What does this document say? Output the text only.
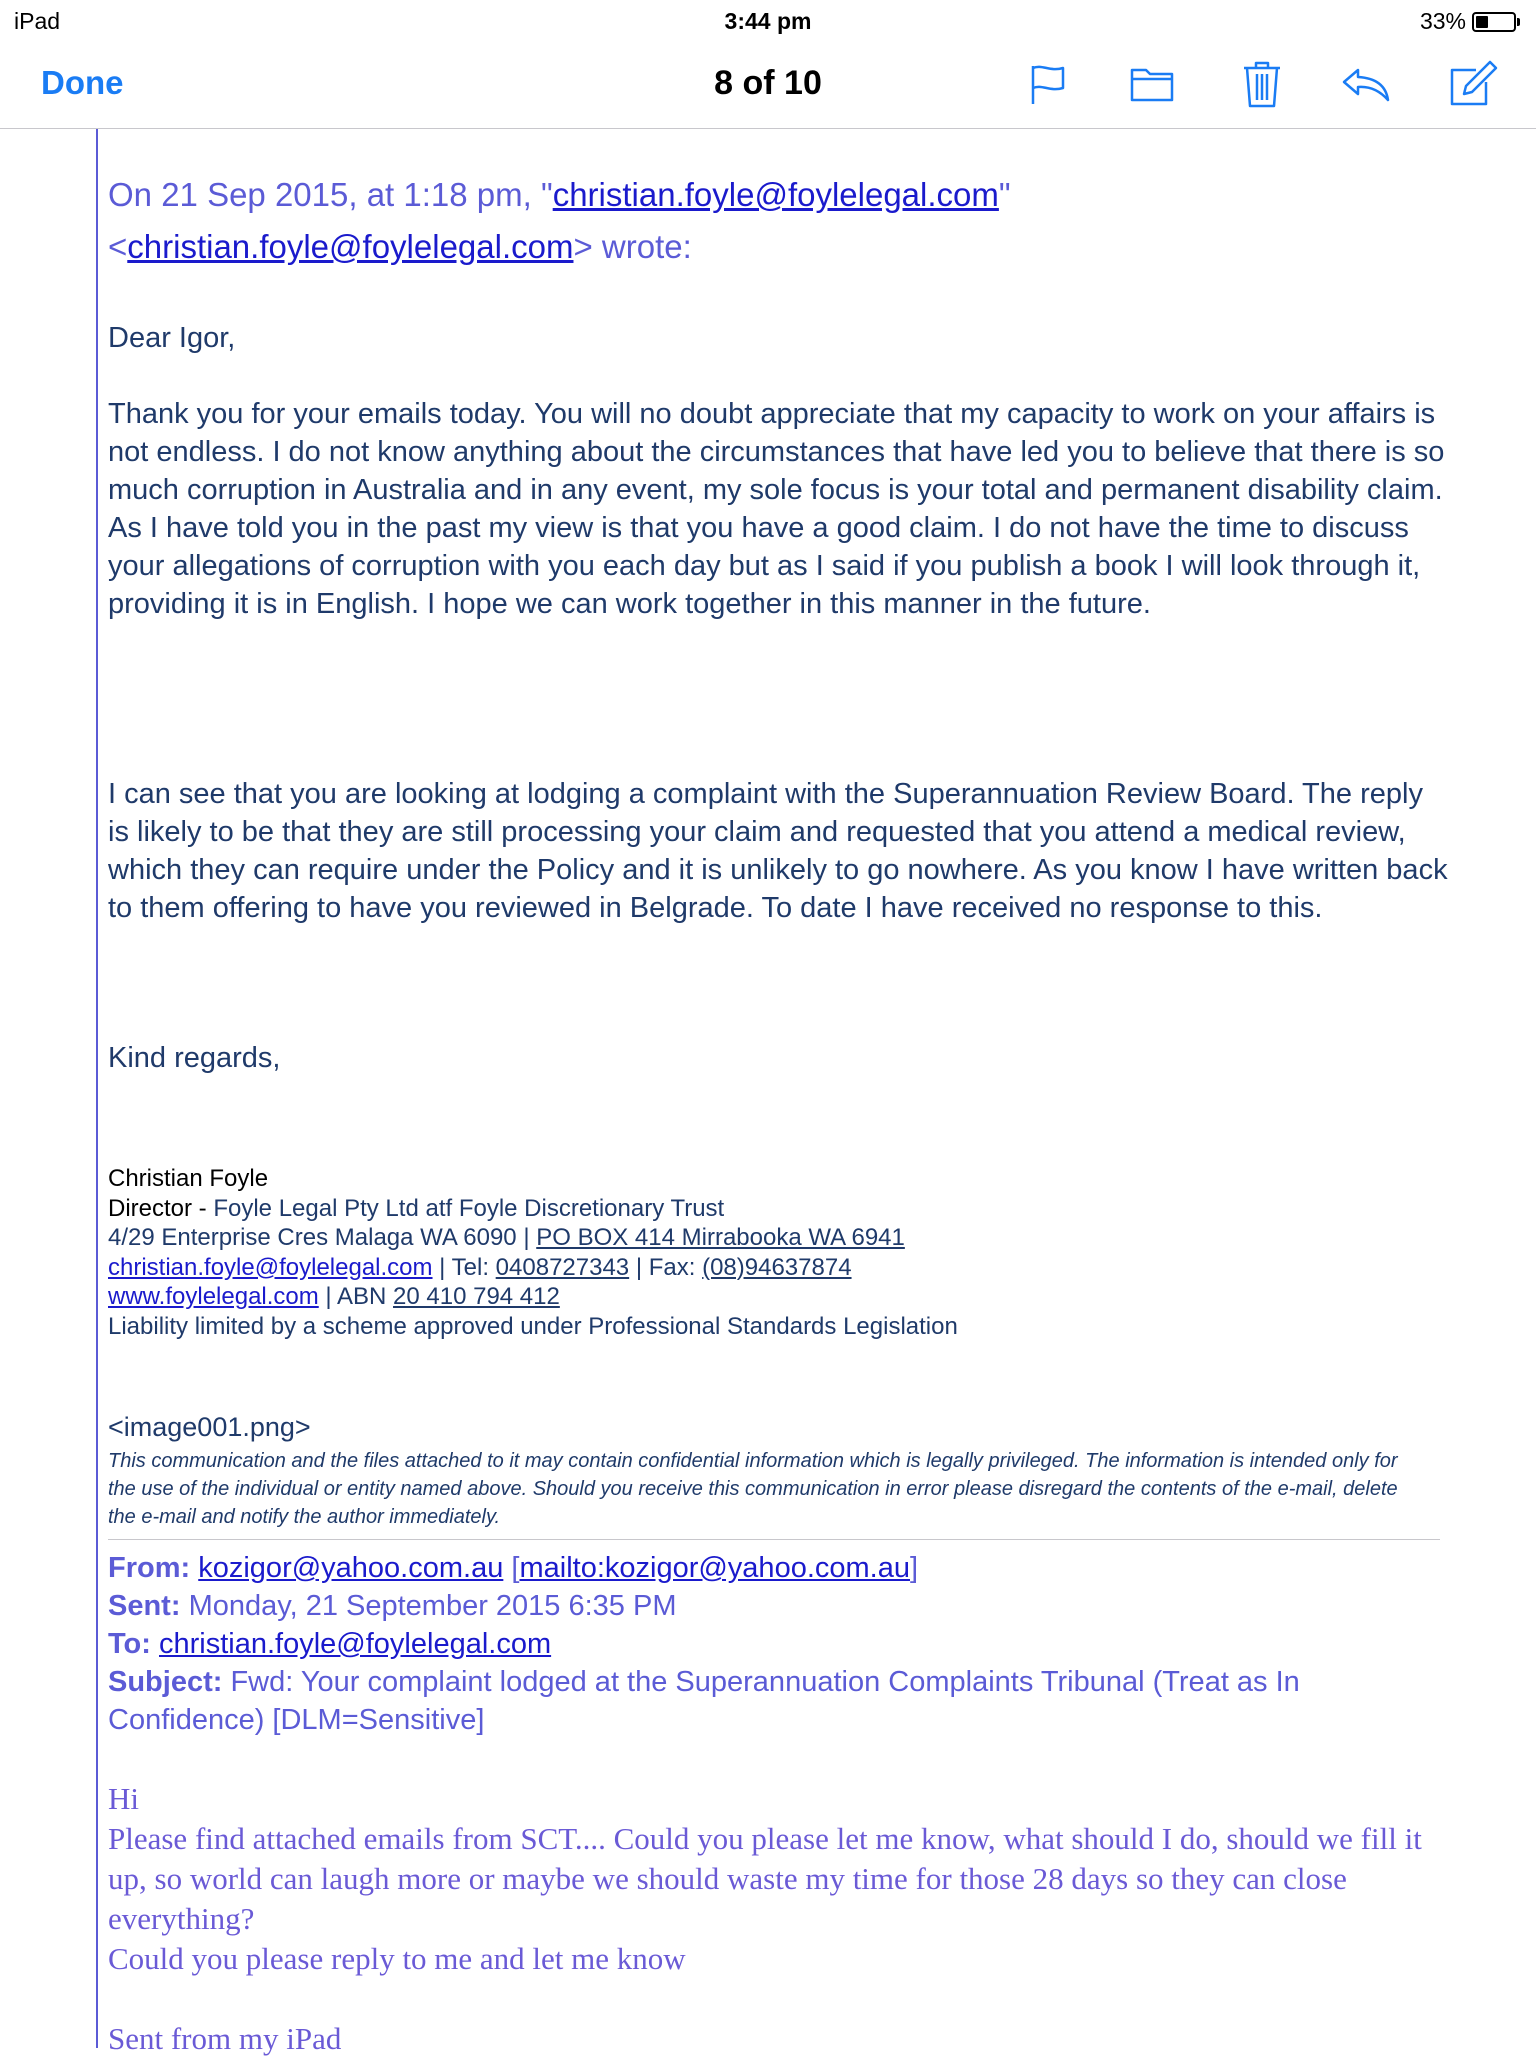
iPad	3:44 pm	33%
Done	8 of 10
On 21 Sep 2015, at 1:18 pm, "christian.foyle@foylelegal.com"
<christian.foyle@foylelegal.com> wrote:
Dear Igor,
Thank you for your emails today. You will no doubt appreciate that my capacity to work on your affairs is not endless. I do not know anything about the circumstances that have led you to believe that there is so much corruption in Australia and in any event, my sole focus is your total and permanent disability claim. As I have told you in the past my view is that you have a good claim. I do not have the time to discuss your allegations of corruption with you each day but as I said if you publish a book I will look through it, providing it is in English. I hope we can work together in this manner in the future.
I can see that you are looking at lodging a complaint with the Superannuation Review Board. The reply is likely to be that they are still processing your claim and requested that you attend a medical review, which they can require under the Policy and it is unlikely to go nowhere. As you know I have written back to them offering to have you reviewed in Belgrade. To date I have received no response to this.
Kind regards,
Christian Foyle
Director - Foyle Legal Pty Ltd atf Foyle Discretionary Trust
4/29 Enterprise Cres Malaga WA 6090 | PO BOX 414 Mirrabooka WA 6941
christian.foyle@foylelegal.com | Tel: 0408727343 | Fax: (08)94637874
www.foylelegal.com | ABN 20 410 794 412
Liability limited by a scheme approved under Professional Standards Legislation
<image001.png>
This communication and the files attached to it may contain confidential information which is legally privileged. The information is intended only for the use of the individual or entity named above. Should you receive this communication in error please disregard the contents of the e-mail, delete the e-mail and notify the author immediately.
From: kozigor@yahoo.com.au [mailto:kozigor@yahoo.com.au]
Sent: Monday, 21 September 2015 6:35 PM
To: christian.foyle@foylelegal.com
Subject: Fwd: Your complaint lodged at the Superannuation Complaints Tribunal (Treat as In Confidence) [DLM=Sensitive]

Hi

Please find attached emails from SCT.... Could you please let me know, what should I do, should we fill it up, so world can laugh more or maybe we should waste my time for those 28 days so they can close everything?

Could you please reply to me and let me know

Sent from my iPad
